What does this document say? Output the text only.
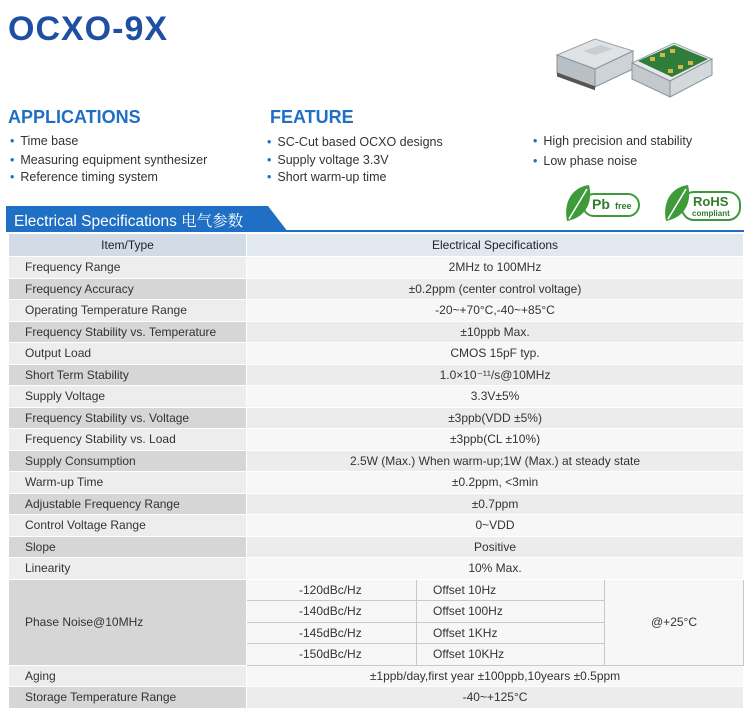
OCXO-9X
APPLICATIONS
• Time base
• Measuring equipment synthesizer
• Reference timing system
FEATURE
• SC-Cut based OCXO designs
• Supply voltage 3.3V
• Short warm-up time
• High precision and stability
• Low phase noise
Pb free	RoHS
compliant
Electrical Specifications 电气参数
Item/Type	Electrical Specifications		
Frequency Range	2MHz to 100MHz		
Frequency Accuracy	±0.2ppm (center control voltage)		
Operating Temperature Range	-20~+70°C,-40~+85°C		
Frequency Stability vs. Temperature	±10ppb Max.		
Output Load	CMOS 15pF typ.		
Short Term Stability	1.0×10⁻¹¹/s@10MHz		
Supply Voltage	3.3V±5%		
Frequency Stability vs. Voltage	±3ppb(VDD ±5%)		
Frequency Stability vs. Load	±3ppb(CL ±10%)		
Supply Consumption	2.5W (Max.) When warm-up;1W (Max.) at steady state		
Warm-up Time	±0.2ppm, <3min		
Adjustable Frequency Range	±0.7ppm		
Control Voltage Range	0~VDD		
Slope	Positive		
Linearity	10% Max.		
Phase Noise@10MHz	-120dBc/Hz	Offset 10Hz	@+25°C
	-140dBc/Hz	Offset 100Hz	
	-145dBc/Hz	Offset 1KHz	
	-150dBc/Hz	Offset 10KHz	
Aging	±1ppb/day,first year ±100ppb,10years ±0.5ppm		
Storage Temperature Range	-40~+125°C		
